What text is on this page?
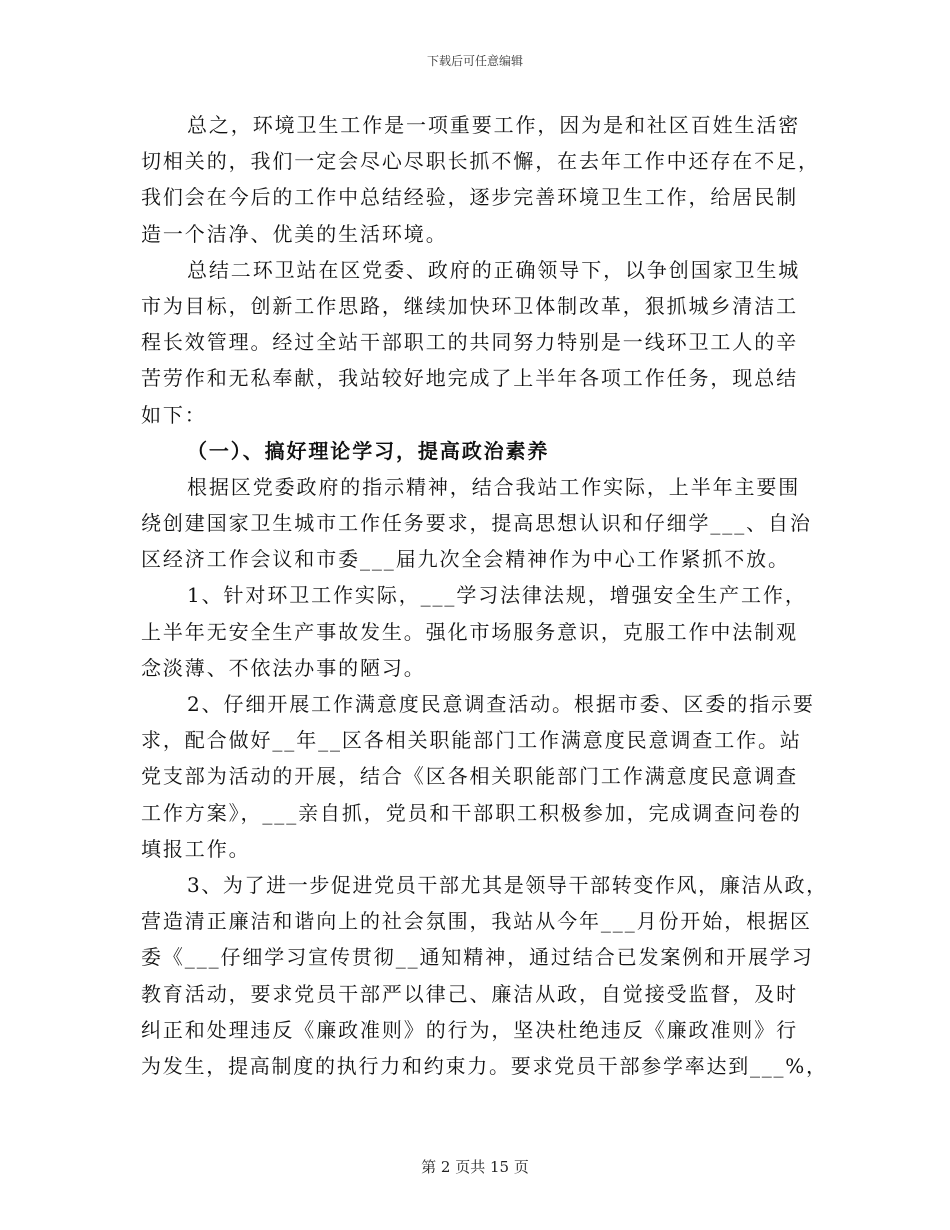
下载后可任意编辑
总之，环境卫生工作是一项重要工作，因为是和社区百姓生活密
切相关的，我们一定会尽心尽职长抓不懈，在去年工作中还存在不足，
我们会在今后的工作中总结经验，逐步完善环境卫生工作，给居民制
造一个洁净、优美的生活环境。
总结二环卫站在区党委、政府的正确领导下，以争创国家卫生城
市为目标，创新工作思路，继续加快环卫体制改革，狠抓城乡清洁工
程长效管理。经过全站干部职工的共同努力特别是一线环卫工人的辛
苦劳作和无私奉献，我站较好地完成了上半年各项工作任务，现总结
如下：
（一）、搞好理论学习，提高政治素养
根据区党委政府的指示精神，结合我站工作实际，上半年主要围
绕创建国家卫生城市工作任务要求，提高思想认识和仔细学___、自治
区经济工作会议和市委___届九次全会精神作为中心工作紧抓不放。
1、针对环卫工作实际，___学习法律法规，增强安全生产工作，
上半年无安全生产事故发生。强化市场服务意识，克服工作中法制观
念淡薄、不依法办事的陋习。
2、仔细开展工作满意度民意调查活动。根据市委、区委的指示要
求，配合做好__年__区各相关职能部门工作满意度民意调查工作。站
党支部为活动的开展，结合《区各相关职能部门工作满意度民意调查
工作方案》，___亲自抓，党员和干部职工积极参加，完成调查问卷的
填报工作。
3、为了进一步促进党员干部尤其是领导干部转变作风，廉洁从政，
营造清正廉洁和谐向上的社会氛围，我站从今年___月份开始，根据区
委《___仔细学习宣传贯彻__通知精神，通过结合已发案例和开展学习
教育活动，要求党员干部严以律己、廉洁从政，自觉接受监督，及时
纠正和处理违反《廉政准则》的行为，坚决杜绝违反《廉政准则》行
为发生，提高制度的执行力和约束力。要求党员干部参学率达到___%，
第 2 页共 15 页
